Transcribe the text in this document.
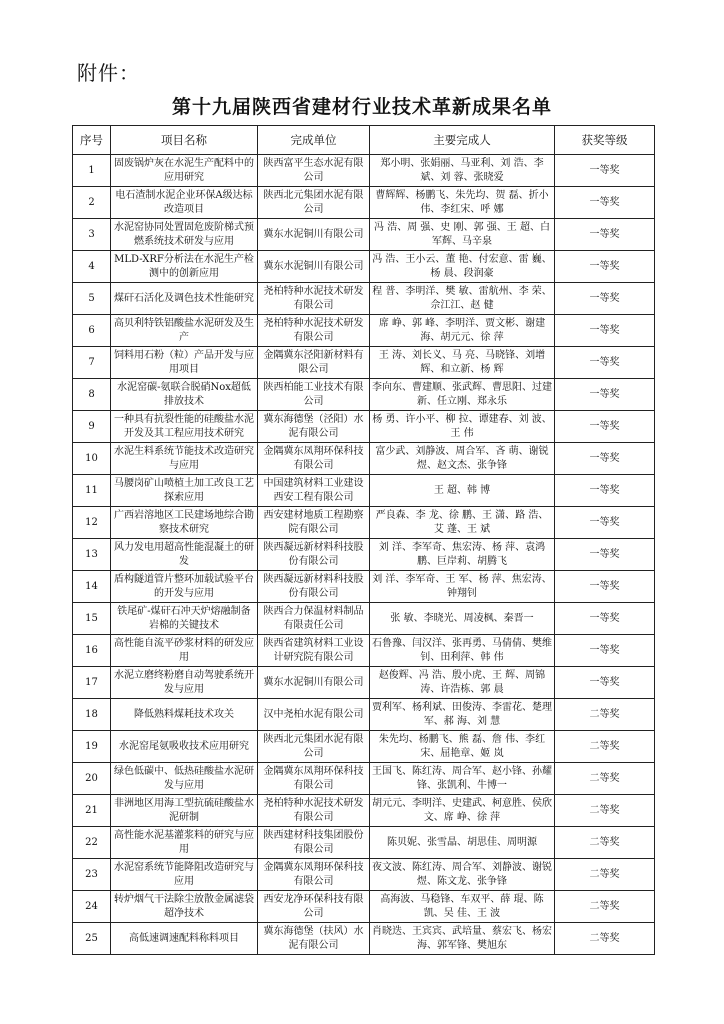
附件：
第十九届陕西省建材行业技术革新成果名单
序号	项目名称	完成单位	主要完成人	获奖等级
1	固废锅炉灰在水泥生产配料中的应用研究	陕西富平生态水泥有限公司	郑小明、张娟丽、马亚利、刘 浩、李 斌、刘 蓉、张晓爱	一等奖
2	电石渣制水泥企业环保A级达标改造项目	陕西北元集团水泥有限公司	曹辉辉、杨鹏飞、朱先均、贺 磊、折小伟、李红宋、呼 娜	一等奖
3	水泥窑协同处置固危废阶梯式预燃系统技术研发与应用	冀东水泥铜川有限公司	冯 浩、周 强、史 刚、郭 强、王 超、白军辉、马辛泉	一等奖
4	MLD-XRF分析法在水泥生产检测中的创新应用	冀东水泥铜川有限公司	冯 浩、王小云、董 艳、付宏意、雷 巍、杨 晨、段润豪	一等奖
5	煤矸石活化及调色技术性能研究	尧柏特种水泥技术研发有限公司	程 普、李明洋、樊 敏、雷航州、李 荣、佘江江、赵 健	一等奖
6	高贝利特铁铝酸盐水泥研发及生产	尧柏特种水泥技术研发有限公司	席 峥、郭 峰、李明洋、贾文彬、谢建海、胡元元、徐 萍	一等奖
7	饲料用石粉（粒）产品开发与应用项目	金隅冀东泾阳新材料有限公司	王 涛、刘长义、马 亮、马晓锋、刘增辉、和立新、杨 辉	一等奖
8	水泥窑碳-氨联合脱硝Nox超低排放技术	陕西柏能工业技术有限公司	李向东、曹建顺、张武辉、曹思阳、过建新、任立刚、郑永乐	一等奖
9	一种具有抗裂性能的硅酸盐水泥开发及其工程应用技术研究	冀东海德堡（泾阳）水泥有限公司	杨 勇、许小平、柳 拉、谭建春、刘 波、王 伟	一等奖
10	水泥生料系统节能技术改造研究与应用	金隅冀东凤翔环保科技有限公司	富少武、刘静波、周合军、吝 萌、谢锐煜、赵文杰、张争锋	一等奖
11	马腰岗矿山喷植土加工改良工艺探索应用	中国建筑材料工业建设西安工程有限公司	王 超、韩 博	一等奖
12	广西岩溶地区工民建场地综合勘察技术研究	西安建材地质工程勘察院有限公司	严良森、李 龙、徐 鹏、王 潇、路 浩、艾 蓬、王 斌	一等奖
13	风力发电用超高性能混凝土的研发	陕西凝远新材料科技股份有限公司	刘 洋、李军奇、焦宏涛、杨 萍、袁鸿鹏、巨岸莉、胡腾飞	一等奖
14	盾构隧道管片整环加载试验平台的开发与应用	陕西凝远新材料科技股份有限公司	刘 洋、李军奇、王 军、杨 萍、焦宏涛、钟翔钊	一等奖
15	铁尾矿-煤矸石冲天炉熔融制备岩棉的关键技术	陕西合力保温材料制品有限责任公司	张 敏、李晓光、周凌枫、秦晋一	一等奖
16	高性能自流平砂浆材料的研发应用	陕西省建筑材料工业设计研究院有限公司	石鲁豫、闫汉洋、张再勇、马倩倩、樊维钊、田利萍、韩 伟	一等奖
17	水泥立磨终粉磨自动驾驶系统开发与应用	冀东水泥铜川有限公司	赵俊辉、冯 浩、殷小虎、王 辉、周锦涛、许浩栋、郭 晨	一等奖
18	降低熟料煤耗技术攻关	汉中尧柏水泥有限公司	贾利军、杨利斌、田俊涛、李雷花、楚理军、郝 海、刘 慧	二等奖
19	水泥窑尾氨吸收技术应用研究	陕西北元集团水泥有限公司	朱先均、杨鹏飞、熊 磊、詹 伟、李红宋、屈艳章、姬 岚	二等奖
20	绿色低碳中、低热硅酸盐水泥研发与应用	金隅冀东凤翔环保科技有限公司	王国飞、陈红涛、周合军、赵小锋、孙耀锋、张凯利、牛博一	二等奖
21	非洲地区用海工型抗硫硅酸盐水泥研制	尧柏特种水泥技术研发有限公司	胡元元、李明洋、史建武、柯意胜、侯欣文、席 峥、徐 萍	二等奖
22	高性能水泥基灌浆料的研究与应用	陕西建材科技集团股份有限公司	陈贝妮、张雪晶、胡思佳、周明源	二等奖
23	水泥窑系统节能降阻改造研究与应用	金隅冀东凤翔环保科技有限公司	夜文波、陈红涛、周合军、刘静波、谢锐煜、陈文龙、张争锋	二等奖
24	转炉烟气干法除尘放散金属滤袋超净技术	西安龙净环保科技有限公司	高海波、马稳锋、车双平、薛 琨、陈 凯、吴 佳、王 波	二等奖
25	高低速调速配料称料项目	冀东海德堡（扶风）水泥有限公司	肖晓迭、王宾宾、武培量、蔡宏飞、杨宏海、郭军锋、樊旭东	二等奖
